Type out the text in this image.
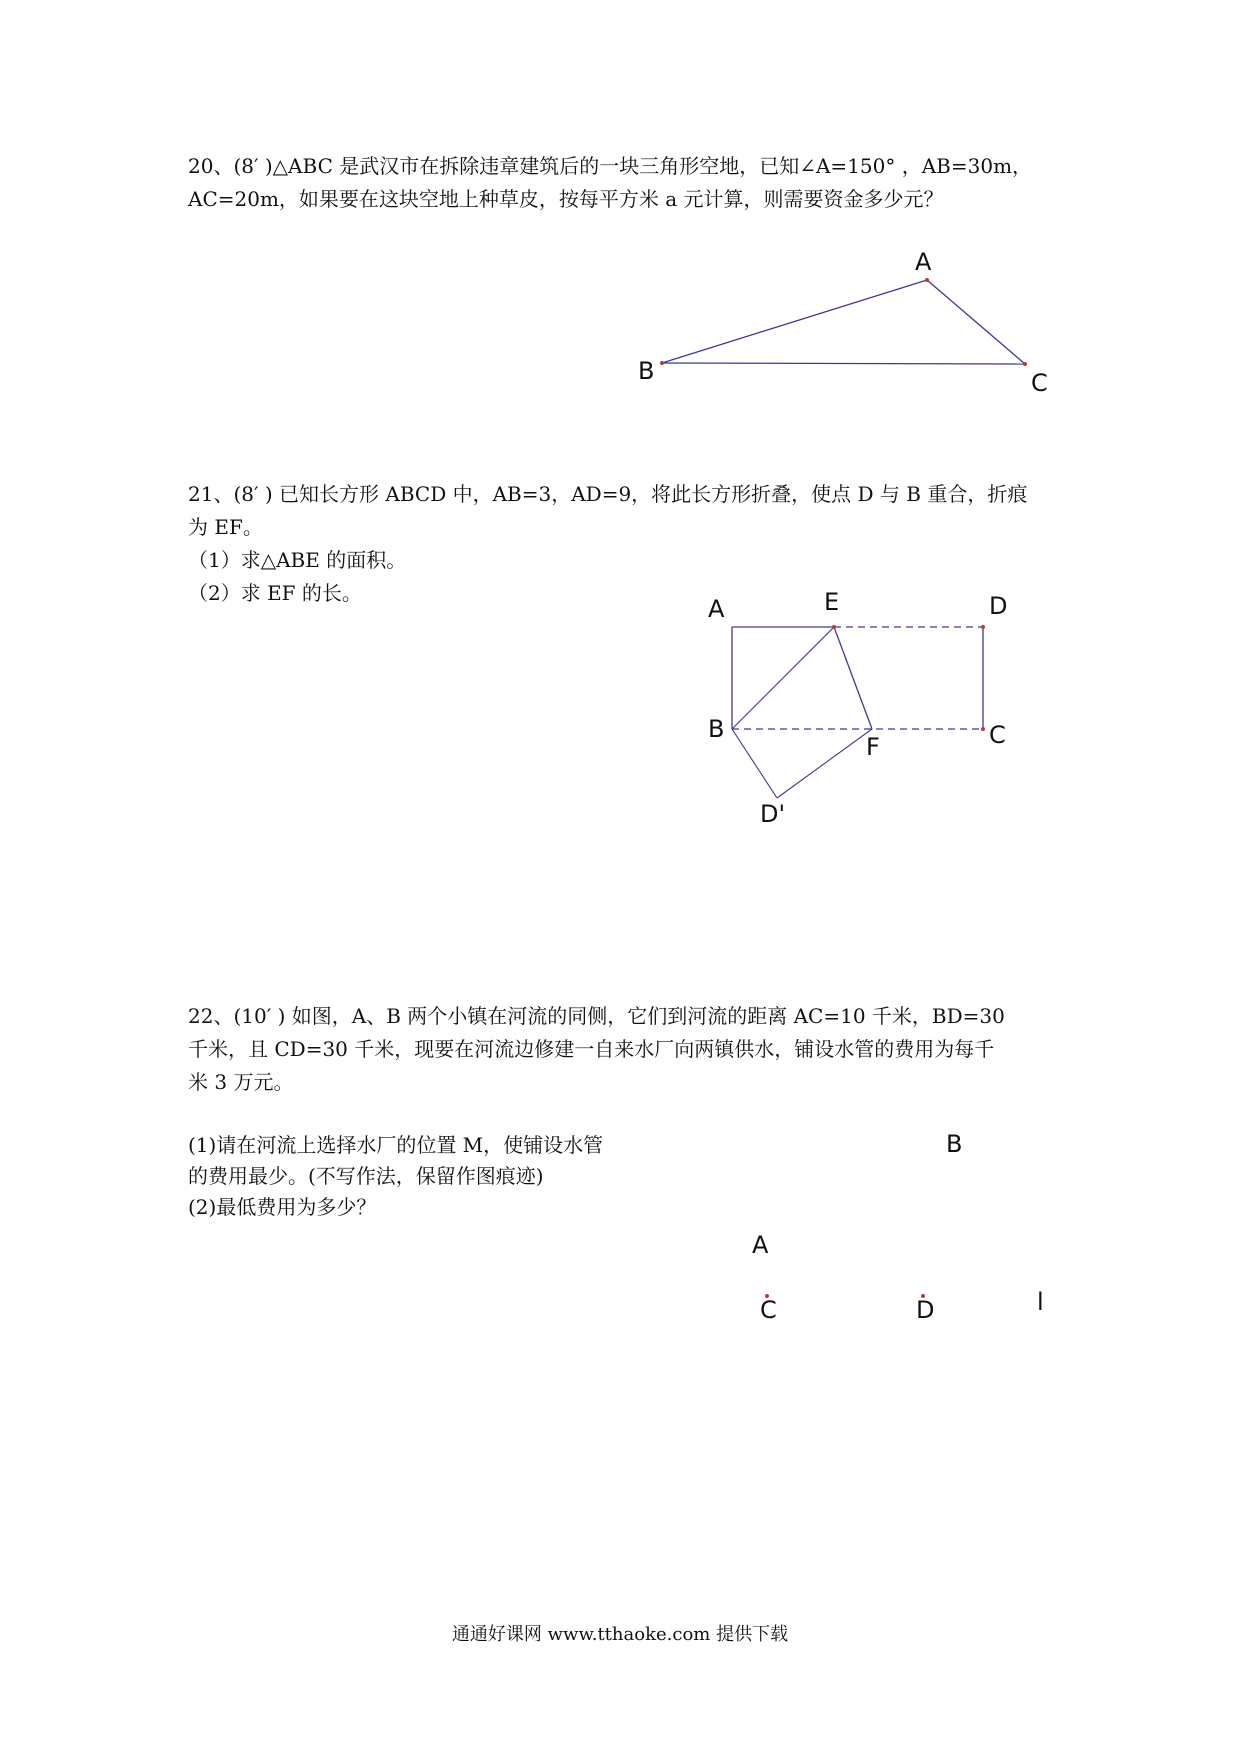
20、(8′ )△ABC 是武汉市在拆除违章建筑后的一块三角形空地，已知∠A=150° ，AB=30m，

AC=20m，如果要在这块空地上种草皮，按每平方米 a 元计算，则需要资金多少元？

A
B	C

21、(8′ ) 已知长方形 ABCD 中，AB=3，AD=9，将此长方形折叠，使点 D 与 B 重合，折痕

为 EF。

（1）求△ABE 的面积。

（2）求 EF 的长。

A	E	D
B
F	C
D'

22、(10′ ) 如图，A、B 两个小镇在河流的同侧，它们到河流的距离 AC=10 千米，BD=30

千米，且 CD=30 千米，现要在河流边修建一自来水厂向两镇供水，铺设水管的费用为每千

米 3 万元。

(1)请在河流上选择水厂的位置 M，使铺设水管

的费用最少。(不写作法，保留作图痕迹)

(2)最低费用为多少？

B
A
C	D	l
通通好课网 www.tthaoke.com 提供下载
